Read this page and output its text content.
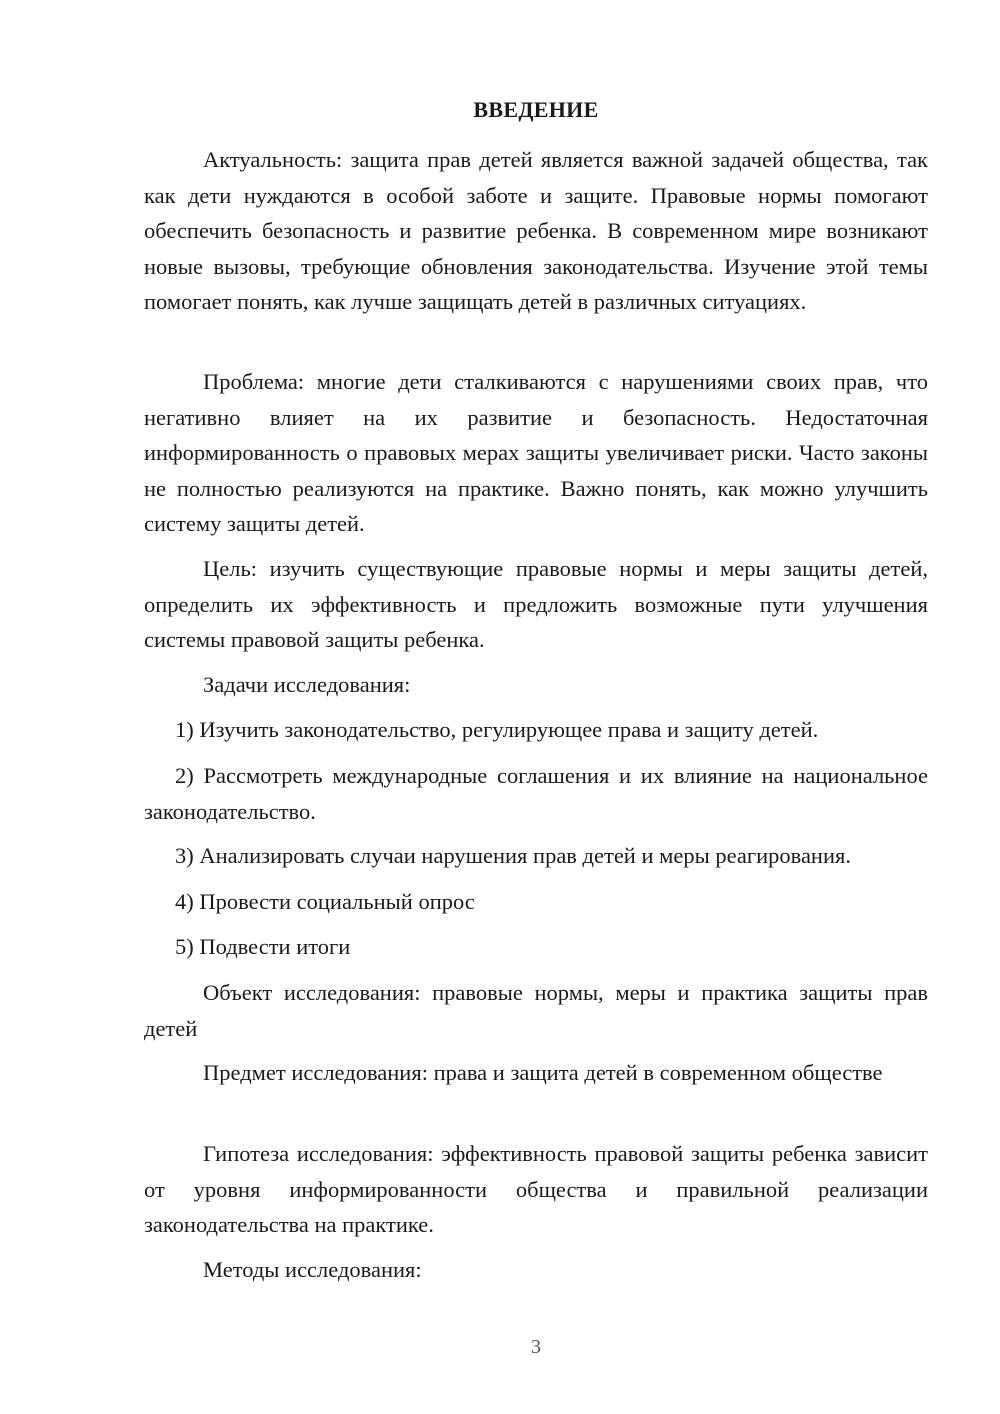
ВВЕДЕНИЕ

Актуальность: защита прав детей является важной задачей общества, так как дети нуждаются в особой заботе и защите. Правовые нормы помогают обеспечить безопасность и развитие ребенка. В современном мире возникают новые вызовы, требующие обновления законодательства. Изучение этой темы помогает понять, как лучше защищать детей в различных ситуациях.

Проблема: многие дети сталкиваются с нарушениями своих прав, что негативно влияет на их развитие и безопасность. Недостаточная информированность о правовых мерах защиты увеличивает риски. Часто законы не полностью реализуются на практике. Важно понять, как можно улучшить систему защиты детей.

Цель: изучить существующие правовые нормы и меры защиты детей, определить их эффективность и предложить возможные пути улучшения системы правовой защиты ребенка.

Задачи исследования:

1) Изучить законодательство, регулирующее права и защиту детей.

2) Рассмотреть международные соглашения и их влияние на национальное законодательство.

3) Анализировать случаи нарушения прав детей и меры реагирования.

4) Провести социальный опрос

5) Подвести итоги

Объект исследования: правовые нормы, меры и практика защиты прав детей

Предмет исследования: права и защита детей в современном обществе

Гипотеза исследования: эффективность правовой защиты ребенка зависит от уровня информированности общества и правильной реализации законодательства на практике.

Методы исследования:

3
